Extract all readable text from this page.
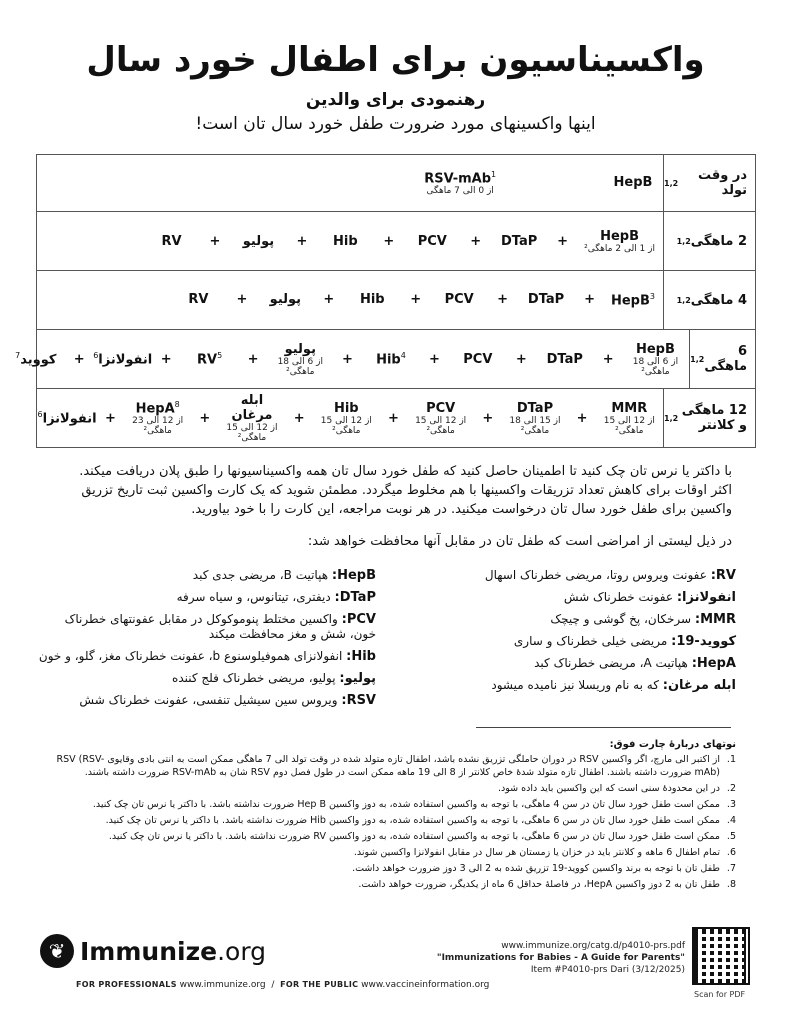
واکسیناسیون برای اطفال خورد سال
رهنمودی برای والدین
اینها واکسینهای مورد ضرورت طفل خورد سال تان است!
در وقت تولد
1,2
HepB
RSV-mAb$^1$
از 0 الی 7 ماهگی
2 ماهگی
1,2
HepB
از 1 الی 2 ماهگی²
+
DTaP
+
PCV
+
Hib
+
پولیو
+
RV
4 ماهگی
1,2
HepB$^3$
+
DTaP
+
PCV
+
Hib
+
پولیو
+
RV
6 ماهگی
1,2
HepB
از 6 الی 18 ماهگی²
+
DTaP
+
PCV
+
Hib$^4$
+
پولیو
از 6 الی 18 ماهگی²
+
$RV^5$
+
انفولانزا$^6$
+
کووید$^7$
12 ماهگی و کلانتر
1,2
MMR
از 12 الی 15 ماهگی²
+
DTaP
از 15 الی 18 ماهگی²
+
PCV
از 12 الی 15 ماهگی²
+
Hib
از 12 الی 15 ماهگی²
+
ابله مرغان
از 12 الی 15 ماهگی²
+
HepA$^8$
از 12 الی 23 ماهگی²
+
انفولانزا$^6$
با داکتر یا نرس تان چک کنید تا اطمینان حاصل کنید که طفل خورد سال تان همه واکسیناسیونها را طبق پلان دریافت میکند. اکثر اوقات برای کاهش تعداد تزریقات واکسینها با هم مخلوط میگردد. مطمئن شوید که یک کارت واکسین ثبت تاریخ تزریق واکسین برای طفل خورد سال تان درخواست میکنید. در هر نوبت مراجعه، این کارت را با خود بیاورید.
در ذیل لیستی از امراضی است که طفل تان در مقابل آنها محافظت خواهد شد:
HepB: هپاتیت B، مریضی جدی کبد
DTaP: دیفتری، تیتانوس، و سیاه سرفه
PCV: واکسین مختلط پنوموکوکل در مقابل عفونتهای خطرناک خون، شش و مغز محافظت میکند
Hib: انفولانزای هموفیلوسنوع b، عفونت خطرناک مغز، گلو، و خون
پولیو: پولیو، مریضی خطرناک فلج کننده
RSV: ویروس سین سیشیل تنفسی، عفونت خطرناک شش
RV: عفونت ویروس روتا، مریضی خطرناک اسهال
انفولانزا: عفونت خطرناک شش
MMR: سرخکان، پخ گوشی و چیچک
کووید-19: مریضی خیلی خطرناک و ساری
HepA: هپاتیت A، مریضی خطرناک کبد
ابله مرغان: که به نام وریسلا نیز نامیده میشود
نوتهای دربارهٔ چارت فوق:
1.
از اکتبر الی مارچ، اگر واکسین RSV در دوران حاملگی تزریق نشده باشد، اطفال تازه متولد شده در وقت تولد الی 7 ماهگی ممکن است به انتی بادی وقایوی RSV (RSV-mAb) ضرورت داشته باشند. اطفال تازه متولد شدهٔ خاص کلانتر از 8 الی 19 ماهه ممکن است در طول فصل دوم RSV شان به RSV-mAb ضرورت داشته باشند.
2.
در این محدودهٔ سنی است که این واکسین باید داده شود.
3.
ممکن است طفل خورد سال تان در سن 4 ماهگی، با توجه به واکسین استفاده شده، به دوز واکسین Hep B ضرورت نداشته باشد. با داکتر یا نرس تان چک کنید.
4.
ممکن است طفل خورد سال تان در سن 6 ماهگی، با توجه به واکسین استفاده شده، به دوز واکسین Hib ضرورت نداشته باشد. با داکتر یا نرس تان چک کنید.
5.
ممکن است طفل خورد سال تان در سن 6 ماهگی، با توجه به واکسین استفاده شده، به دوز واکسین RV ضرورت نداشته باشد. با داکتر یا نرس تان چک کنید.
6.
تمام اطفال 6 ماهه و کلانتر باید در خزان یا زمستان هر سال در مقابل انفولانزا واکسین شوند.
7.
طفل تان با توجه به برند واکسین کووید-19 تزریق شده به 2 الی 3 دوز ضرورت خواهد داشت.
8.
طفل تان به 2 دوز واکسین HepA، در فاصلهٔ حداقل 6 ماه از یکدیگر، ضرورت خواهد داشت.
❦ Immunize.org
FOR PROFESSIONALS www.immunize.org  /  FOR THE PUBLIC www.vaccineinformation.org
www.immunize.org/catg.d/p4010-prs.pdf
"Immunizations for Babies - A Guide for Parents"
Item #P4010-prs Dari (3/12/2025)
Scan for PDF
